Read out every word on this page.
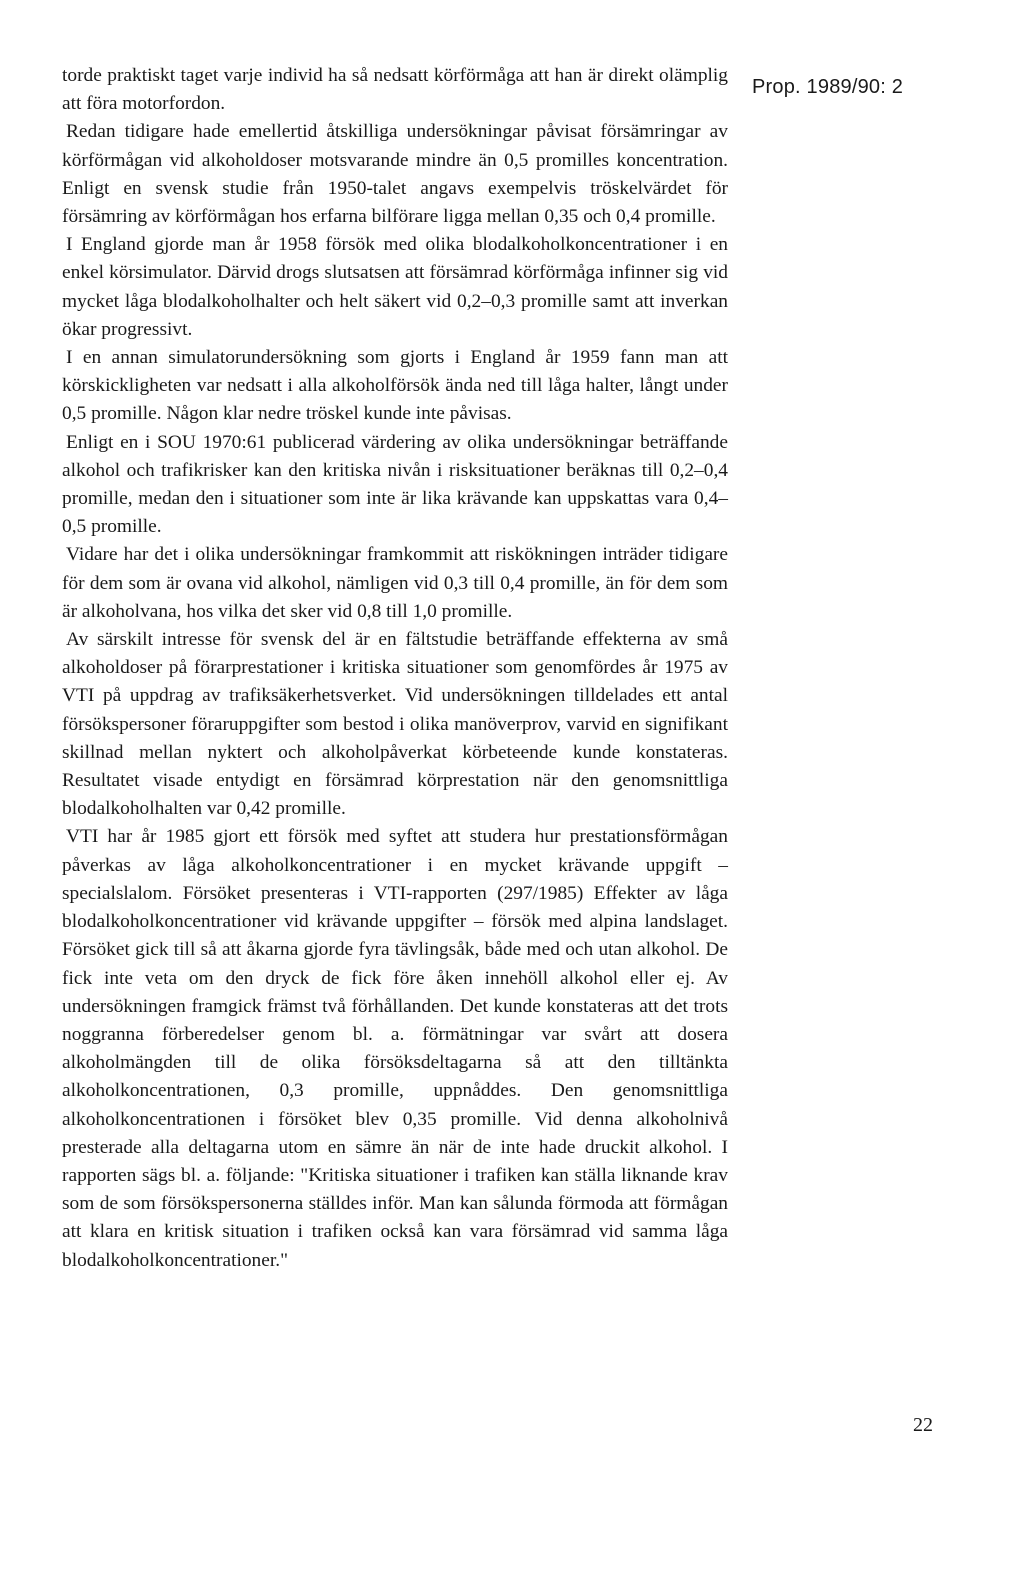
Prop. 1989/90: 2

torde praktiskt taget varje individ ha så nedsatt körförmåga att han är direkt olämplig att föra motorfordon.

Redan tidigare hade emellertid åtskilliga undersökningar påvisat försämringar av körförmågan vid alkoholdoser motsvarande mindre än 0,5 promilles koncentration. Enligt en svensk studie från 1950-talet angavs exempelvis tröskelvärdet för försämring av körförmågan hos erfarna bilförare ligga mellan 0,35 och 0,4 promille.

I England gjorde man år 1958 försök med olika blodalkoholkoncentrationer i en enkel körsimulator. Därvid drogs slutsatsen att försämrad körförmåga infinner sig vid mycket låga blodalkoholhalter och helt säkert vid 0,2–0,3 promille samt att inverkan ökar progressivt.

I en annan simulatorundersökning som gjorts i England år 1959 fann man att körskickligheten var nedsatt i alla alkoholförsök ända ned till låga halter, långt under 0,5 promille. Någon klar nedre tröskel kunde inte påvisas.

Enligt en i SOU 1970:61 publicerad värdering av olika undersökningar beträffande alkohol och trafikrisker kan den kritiska nivån i risksituationer beräknas till 0,2–0,4 promille, medan den i situationer som inte är lika krävande kan uppskattas vara 0,4–0,5 promille.

Vidare har det i olika undersökningar framkommit att riskökningen inträder tidigare för dem som är ovana vid alkohol, nämligen vid 0,3 till 0,4 promille, än för dem som är alkoholvana, hos vilka det sker vid 0,8 till 1,0 promille.

Av särskilt intresse för svensk del är en fältstudie beträffande effekterna av små alkoholdoser på förarprestationer i kritiska situationer som genomfördes år 1975 av VTI på uppdrag av trafiksäkerhetsverket. Vid undersökningen tilldelades ett antal försökspersoner föraruppgifter som bestod i olika manöverprov, varvid en signifikant skillnad mellan nyktert och alkoholpåverkat körbeteende kunde konstateras. Resultatet visade entydigt en försämrad körprestation när den genomsnittliga blodalkoholhalten var 0,42 promille.

VTI har år 1985 gjort ett försök med syftet att studera hur prestationsförmågan påverkas av låga alkoholkoncentrationer i en mycket krävande uppgift – specialslalom. Försöket presenteras i VTI-rapporten (297/1985) Effekter av låga blodalkoholkoncentrationer vid krävande uppgifter – försök med alpina landslaget. Försöket gick till så att åkarna gjorde fyra tävlingsåk, både med och utan alkohol. De fick inte veta om den dryck de fick före åken innehöll alkohol eller ej. Av undersökningen framgick främst två förhållanden. Det kunde konstateras att det trots noggranna förberedelser genom bl. a. förmätningar var svårt att dosera alkoholmängden till de olika försöksdeltagarna så att den tilltänkta alkoholkoncentrationen, 0,3 promille, uppnåddes. Den genomsnittliga alkoholkoncentrationen i försöket blev 0,35 promille. Vid denna alkoholnivå presterade alla deltagarna utom en sämre än när de inte hade druckit alkohol. I rapporten sägs bl. a. följande: "Kritiska situationer i trafiken kan ställa liknande krav som de som försökspersonerna ställdes inför. Man kan sålunda förmoda att förmågan att klara en kritisk situation i trafiken också kan vara försämrad vid samma låga blodalkoholkoncentrationer."

22
